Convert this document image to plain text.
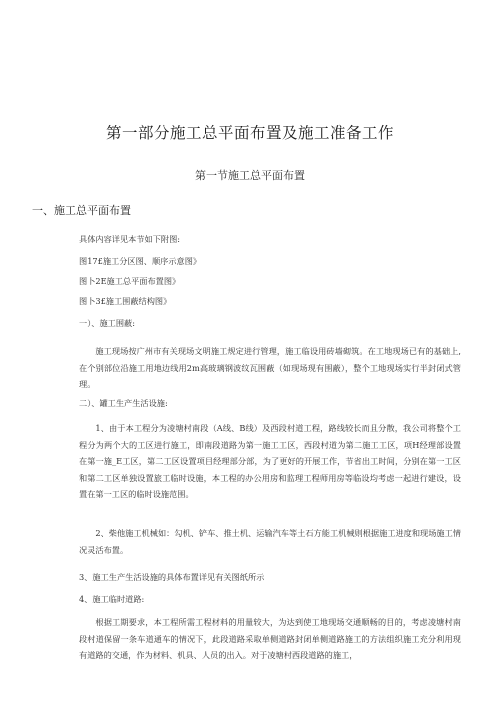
第一部分施工总平面布置及施工准备工作
第一节施工总平面布置
一、施工总平面布置
具体内容详见本节如下附图:
图17£施工分区图、顺序示意图》
图卜2E施工总平面布置图》
图卜3£施工围蔽结构图》
一）、施工围蔽:
施工现场按广州市有关现场文明施工规定进行管理，施工临设用砖墙砌筑。在工地现场已有的基础上,在个别部位沿施工用地边线用2m高玻璃钢波纹瓦围蔽（如现场现有围蔽），整个工地现场实行半封闭式管理。
二）、罐工生产生活设施:
1、由于本工程分为凌塘村南段（A线、B线）及西段村道工程，路线较长而且分散，我公司将整个工程分为两个大的工区进行施工，即南段道路为第一施工工区，西段村道为第二施工工区，项H经理部设置在第一施_E工区，第二工区设置项目经理部分部，为了更好的开展工作，节省出工时间，分别在第一工区和第二工区单独设置旅工临时设施，本工程的办公用房和监理工程师用房等临设均考虑一起进行建设，设置在第一工区的临时设施范围。
2、柴他施工机械如：勾机、铲车、推土机、运输汽车等土石方能工机械则根据施工进度和现场施工情况灵活布置。
3、施工生产生活设施的具体布置详见有关图纸所示
4、施工临时道路:
根据工期要求，本工程所需工程材料的用量较大，为达到使工地现场交通顺畅的目的，考虑凌塘村南段村道保留一条车道通车的情况下，此段道路采取单侧道路封闭单侧道路施工的方法组织施工充分利用现有道路的交通，作为材料、机具、人员的出入。对于凌塘村西段道路的施工，
